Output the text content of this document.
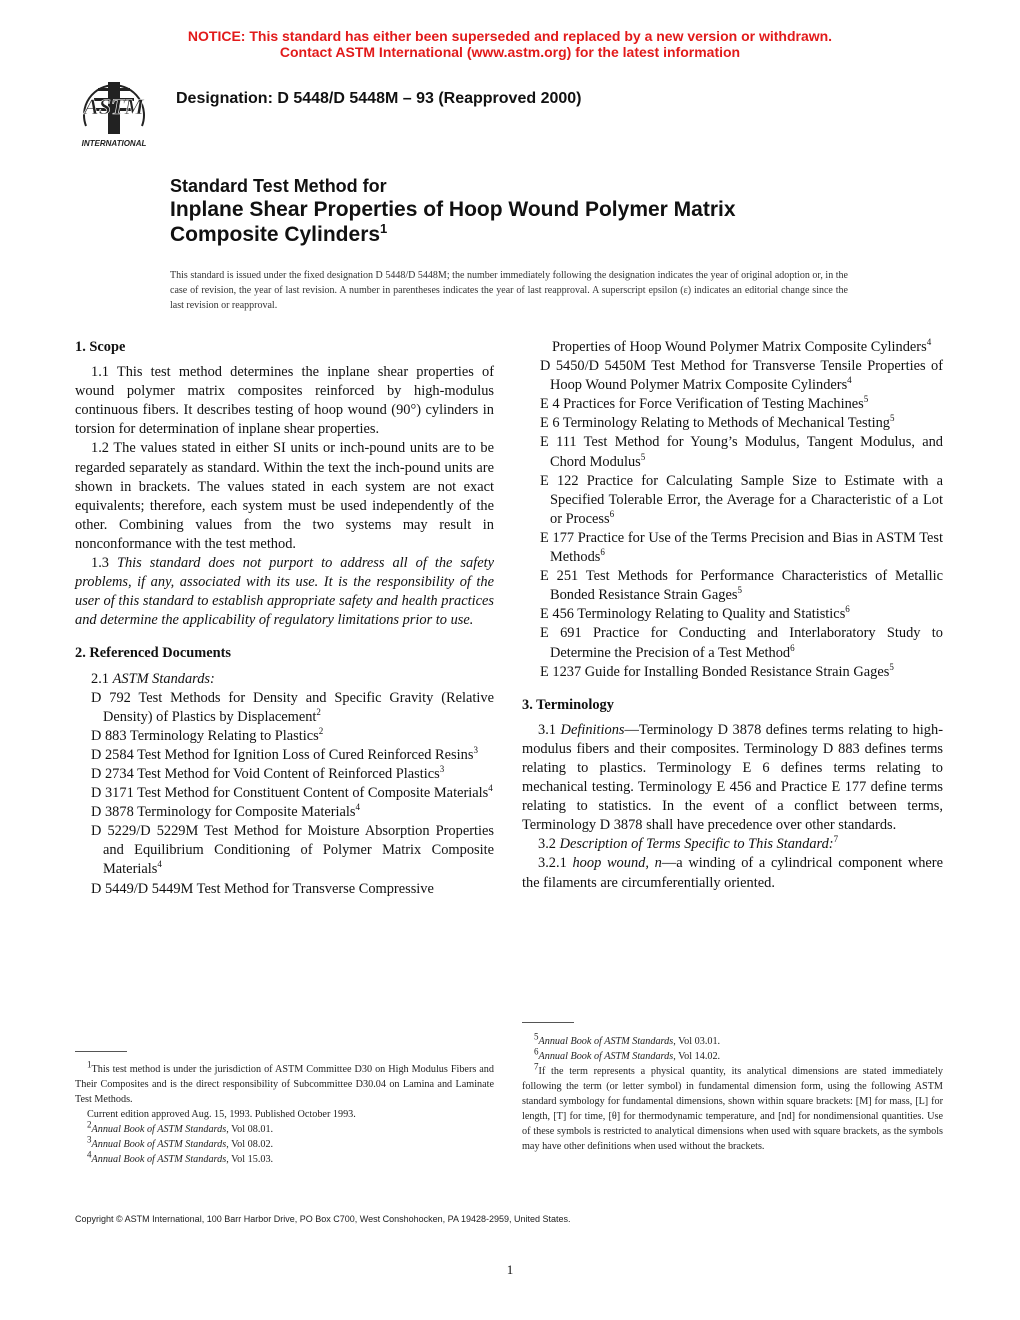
NOTICE: This standard has either been superseded and replaced by a new version or withdrawn.
Contact ASTM International (www.astm.org) for the latest information
ASTM
INTERNATIONAL
Designation: D 5448/D 5448M – 93 (Reapproved 2000)
Standard Test Method for
Inplane Shear Properties of Hoop Wound Polymer Matrix
Composite Cylinders$^1$
This standard is issued under the fixed designation D 5448/D 5448M; the number immediately following the designation indicates the year of original adoption or, in the case of revision, the year of last revision. A number in parentheses indicates the year of last reapproval. A superscript epsilon (ε) indicates an editorial change since the last revision or reapproval.
1. Scope

1.1 This test method determines the inplane shear properties of wound polymer matrix composites reinforced by high-modulus continuous fibers. It describes testing of hoop wound (90°) cylinders in torsion for determination of inplane shear properties.

1.2 The values stated in either SI units or inch-pound units are to be regarded separately as standard. Within the text the inch-pound units are shown in brackets. The values stated in each system are not exact equivalents; therefore, each system must be used independently of the other. Combining values from the two systems may result in nonconformance with the test method.

1.3 This standard does not purport to address all of the safety problems, if any, associated with its use. It is the responsibility of the user of this standard to establish appropriate safety and health practices and determine the applicability of regulatory limitations prior to use.

2. Referenced Documents

2.1 ASTM Standards:

D 792 Test Methods for Density and Specific Gravity (Relative Density) of Plastics by Displacement$^2$

D 883 Terminology Relating to Plastics$^2$

D 2584 Test Method for Ignition Loss of Cured Reinforced Resins$^3$

D 2734 Test Method for Void Content of Reinforced Plastics$^3$

D 3171 Test Method for Constituent Content of Composite Materials$^4$

D 3878 Terminology for Composite Materials$^4$

D 5229/D 5229M Test Method for Moisture Absorption Properties and Equilibrium Conditioning of Polymer Matrix Composite Materials$^4$

D 5449/D 5449M Test Method for Transverse Compressive

Properties of Hoop Wound Polymer Matrix Composite Cylinders$^4$

D 5450/D 5450M Test Method for Transverse Tensile Properties of Hoop Wound Polymer Matrix Composite Cylinders$^4$

E 4 Practices for Force Verification of Testing Machines$^5$

E 6 Terminology Relating to Methods of Mechanical Testing$^5$

E 111 Test Method for Young’s Modulus, Tangent Modulus, and Chord Modulus$^5$

E 122 Practice for Calculating Sample Size to Estimate with a Specified Tolerable Error, the Average for a Characteristic of a Lot or Process$^6$

E 177 Practice for Use of the Terms Precision and Bias in ASTM Test Methods$^6$

E 251 Test Methods for Performance Characteristics of Metallic Bonded Resistance Strain Gages$^5$

E 456 Terminology Relating to Quality and Statistics$^6$

E 691 Practice for Conducting and Interlaboratory Study to Determine the Precision of a Test Method$^6$

E 1237 Guide for Installing Bonded Resistance Strain Gages$^5$

3. Terminology

3.1 Definitions—Terminology D 3878 defines terms relating to high-modulus fibers and their composites. Terminology D 883 defines terms relating to plastics. Terminology E 6 defines terms relating to mechanical testing. Terminology E 456 and Practice E 177 define terms relating to statistics. In the event of a conflict between terms, Terminology D 3878 shall have precedence over other standards.

3.2 Description of Terms Specific to This Standard:$^7$

3.2.1 hoop wound, n—a winding of a cylindrical component where the filaments are circumferentially oriented.

$^1$This test method is under the jurisdiction of ASTM Committee D30 on High Modulus Fibers and Their Composites and is the direct responsibility of Subcommittee D30.04 on Lamina and Laminate Test Methods.

Current edition approved Aug. 15, 1993. Published October 1993.

$^2$Annual Book of ASTM Standards, Vol 08.01.

$^3$Annual Book of ASTM Standards, Vol 08.02.

$^4$Annual Book of ASTM Standards, Vol 15.03.

$^5$Annual Book of ASTM Standards, Vol 03.01.

$^6$Annual Book of ASTM Standards, Vol 14.02.

$^7$If the term represents a physical quantity, its analytical dimensions are stated immediately following the term (or letter symbol) in fundamental dimension form, using the following ASTM standard symbology for fundamental dimensions, shown within square brackets: [M] for mass, [L] for length, [T] for time, [θ] for thermodynamic temperature, and [nd] for nondimensional quantities. Use of these symbols is restricted to analytical dimensions when used with square brackets, as the symbols may have other definitions when used without the brackets.

Copyright © ASTM International, 100 Barr Harbor Drive, PO Box C700, West Conshohocken, PA 19428-2959, United States.
1
